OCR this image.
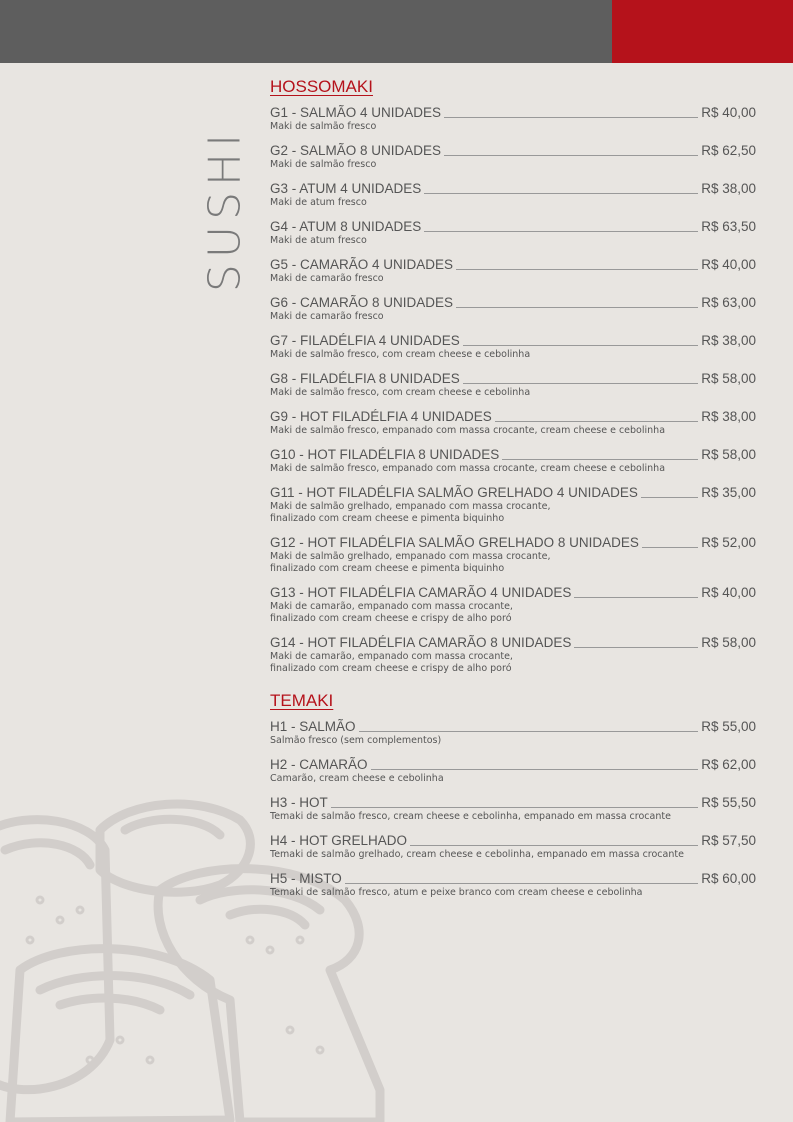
SUSHI
HOSSOMAKI
G1 - SALMÃO 4 UNIDADES	R$ 40,00
Maki de salmão fresco
G2 - SALMÃO 8 UNIDADES	R$ 62,50
Maki de salmão fresco
G3 - ATUM 4 UNIDADES	R$ 38,00
Maki de atum fresco
G4 - ATUM 8 UNIDADES	R$ 63,50
Maki de atum fresco
G5 - CAMARÃO 4 UNIDADES	R$ 40,00
Maki de camarão fresco
G6 - CAMARÃO 8 UNIDADES	R$ 63,00
Maki de camarão fresco
G7 - FILADÉLFIA 4 UNIDADES	R$ 38,00
Maki de salmão fresco, com cream cheese e cebolinha
G8 - FILADÉLFIA 8 UNIDADES	R$ 58,00
Maki de salmão fresco, com cream cheese e cebolinha
G9 - HOT FILADÉLFIA 4 UNIDADES	R$ 38,00
Maki de salmão fresco, empanado com massa crocante, cream cheese e cebolinha
G10 - HOT FILADÉLFIA 8 UNIDADES	R$ 58,00
Maki de salmão fresco, empanado com massa crocante, cream cheese e cebolinha
G11 - HOT FILADÉLFIA SALMÃO GRELHADO 4 UNIDADES	R$ 35,00
Maki de salmão grelhado, empanado com massa crocante,
finalizado com cream cheese e pimenta biquinho
G12 - HOT FILADÉLFIA SALMÃO GRELHADO 8 UNIDADES	R$ 52,00
Maki de salmão grelhado, empanado com massa crocante,
finalizado com cream cheese e pimenta biquinho
G13 - HOT FILADÉLFIA CAMARÃO 4 UNIDADES	R$ 40,00
Maki de camarão, empanado com massa crocante,
finalizado com cream cheese e crispy de alho poró
G14 - HOT FILADÉLFIA CAMARÃO 8 UNIDADES	R$ 58,00
Maki de camarão, empanado com massa crocante,
finalizado com cream cheese e crispy de alho poró
TEMAKI
H1 - SALMÃO	R$ 55,00
Salmão fresco (sem complementos)
H2 - CAMARÃO	R$ 62,00
Camarão, cream cheese e cebolinha
H3 - HOT	R$ 55,50
Temaki de salmão fresco, cream cheese e cebolinha, empanado em massa crocante
H4 - HOT GRELHADO	R$ 57,50
Temaki de salmão grelhado, cream cheese e cebolinha, empanado em massa crocante
H5 - MISTO	R$ 60,00
Temaki de salmão fresco, atum e peixe branco com cream cheese e cebolinha
